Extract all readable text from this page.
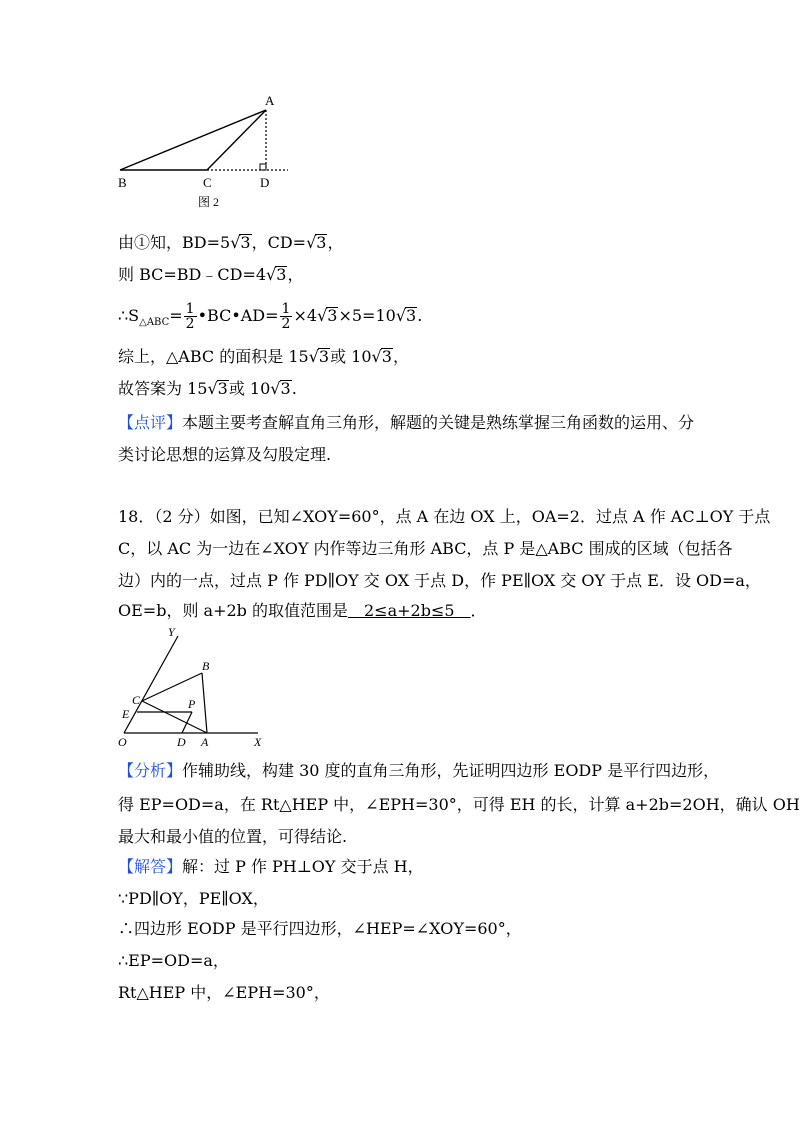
A
B	C	D
图 2
由①知，BD=5√3，CD=√3，
则 BC=BD﹣CD=4√3，
$\therefore S_{\triangle ABC}= \frac{1}{2}$ •BC•AD= $\frac{1}{2} \times 4√3\times 5=10√3$.
综上，△ABC 的面积是 15√3或 10√3，
故答案为 15√3或 10√3.
【点评】本题主要考查解直角三角形，解题的关键是熟练掌握三角函数的运用、分
类讨论思想的运算及勾股定理.
18．（2 分）如图，已知∠XOY=60°，点 A 在边 OX 上，OA=2．过点 A 作 AC⊥OY 于点
C，以 AC 为一边在∠XOY 内作等边三角形 ABC，点 P 是△ABC 围成的区域（包括各
边）内的一点，过点 P 作 PD∥OY 交 OX 于点 D，作 PE∥OX 交 OY 于点 E．设 OD=a，
OE=b，则 a+2b 的取值范围是　2≤a+2b≤5　．
Y
B
C
E
P
O	D A	X
【分析】作辅助线，构建 30 度的直角三角形，先证明四边形 EODP 是平行四边形，
得 EP=OD=a，在 Rt△HEP 中，∠EPH=30°，可得 EH 的长，计算 a+2b=2OH，确认 OH
最大和最小值的位置，可得结论.
【解答】解：过 P 作 PH⊥OY 交于点 H，
∵PD∥OY，PE∥OX，
∴四边形 EODP 是平行四边形，∠HEP=∠XOY=60°，
∴EP=OD=a，
Rt△HEP 中，∠EPH=30°，
